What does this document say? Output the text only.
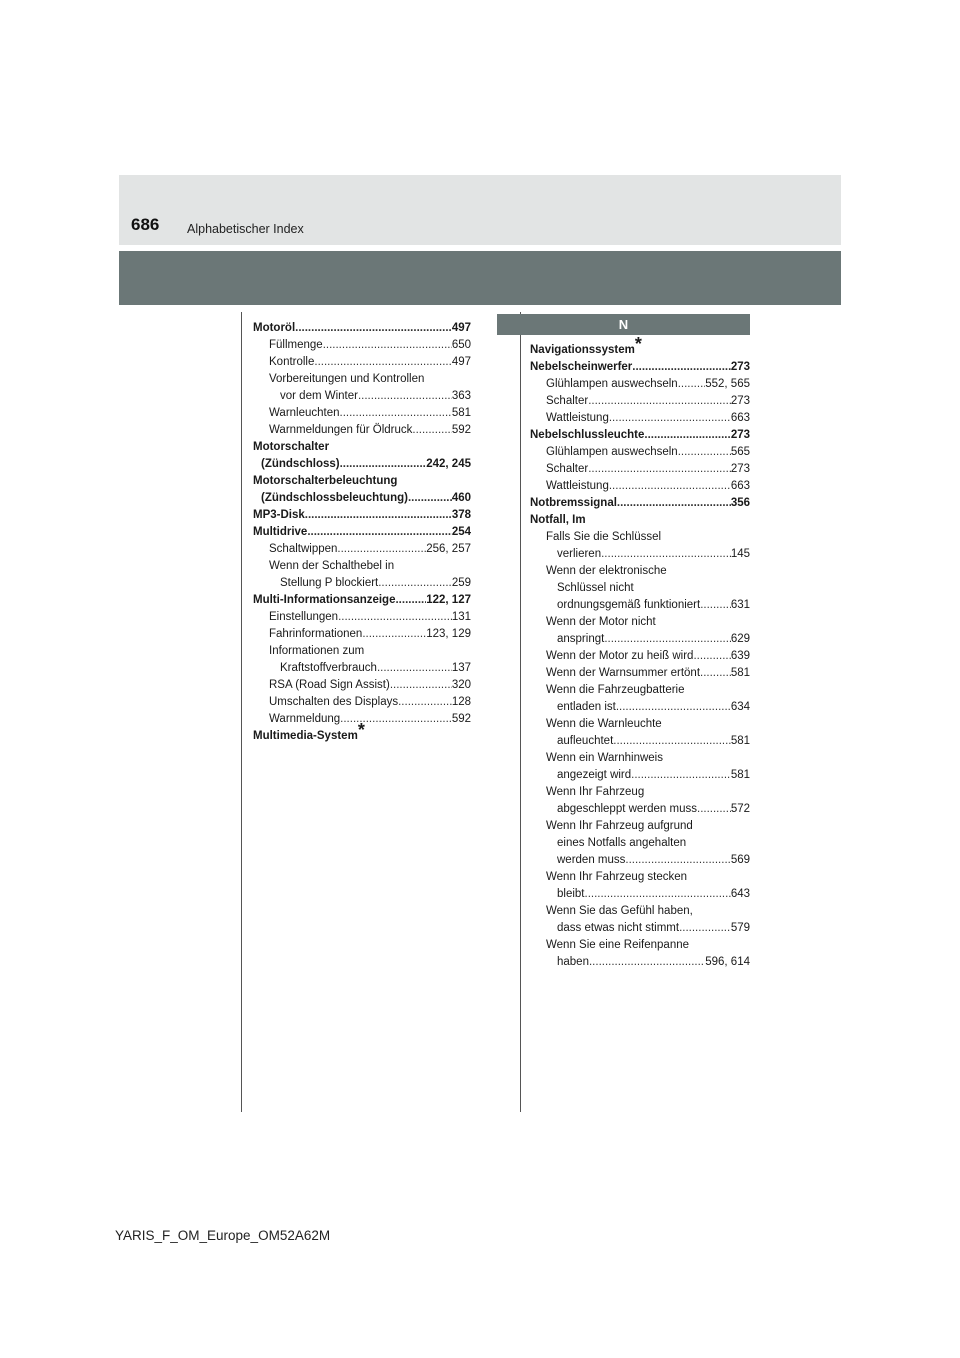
686 Alphabetischer Index
Motoröl .....	497
Füllmenge .....	650
Kontrolle .....	497
Vorbereitungen und Kontrollen
vor dem Winter .....	363
Warnleuchten .....	581
Warnmeldungen für Öldruck .....	592
Motorschalter
(Zündschloss) .....	242, 245
Motorschalterbeleuchtung
(Zündschlossbeleuchtung) .....	460
MP3-Disk .....	378
Multidrive .....	254
Schaltwippen .....	256, 257
Wenn der Schalthebel in
Stellung P blockiert .....	259
Multi-Informationsanzeige .....	122, 127
Einstellungen .....	131
Fahrinformationen .....	123, 129
Informationen zum
Kraftstoffverbrauch .....	137
RSA (Road Sign Assist) .....	320
Umschalten des Displays .....	128
Warnmeldung .....	592
Multimedia-System*
N
Navigationssystem*
Nebelscheinwerfer .....	273
Glühlampen auswechseln ..... 552, 565
Schalter .....	273
Wattleistung .....	663
Nebelschlussleuchte .....	273
Glühlampen auswechseln .....	565
Schalter .....	273
Wattleistung .....	663
Notbremssignal .....	356
Notfall, Im
Falls Sie die Schlüssel
verlieren .....	145
Wenn der elektronische
Schlüssel nicht
ordnungsgemäß funktioniert .....	631
Wenn der Motor nicht
anspringt .....	629
Wenn der Motor zu heiß wird .....	639
Wenn der Warnsummer ertönt .....	581
Wenn die Fahrzeugbatterie
entladen ist .....	634
Wenn die Warnleuchte
aufleuchtet .....	581
Wenn ein Warnhinweis
angezeigt wird .....	581
Wenn Ihr Fahrzeug
abgeschleppt werden muss .....	572
Wenn Ihr Fahrzeug aufgrund
eines Notfalls angehalten
werden muss .....	569
Wenn Ihr Fahrzeug stecken
bleibt .....	643
Wenn Sie das Gefühl haben,
dass etwas nicht stimmt .....	579
Wenn Sie eine Reifenpanne
haben .....	596, 614
YARIS_F_OM_Europe_OM52A62M
